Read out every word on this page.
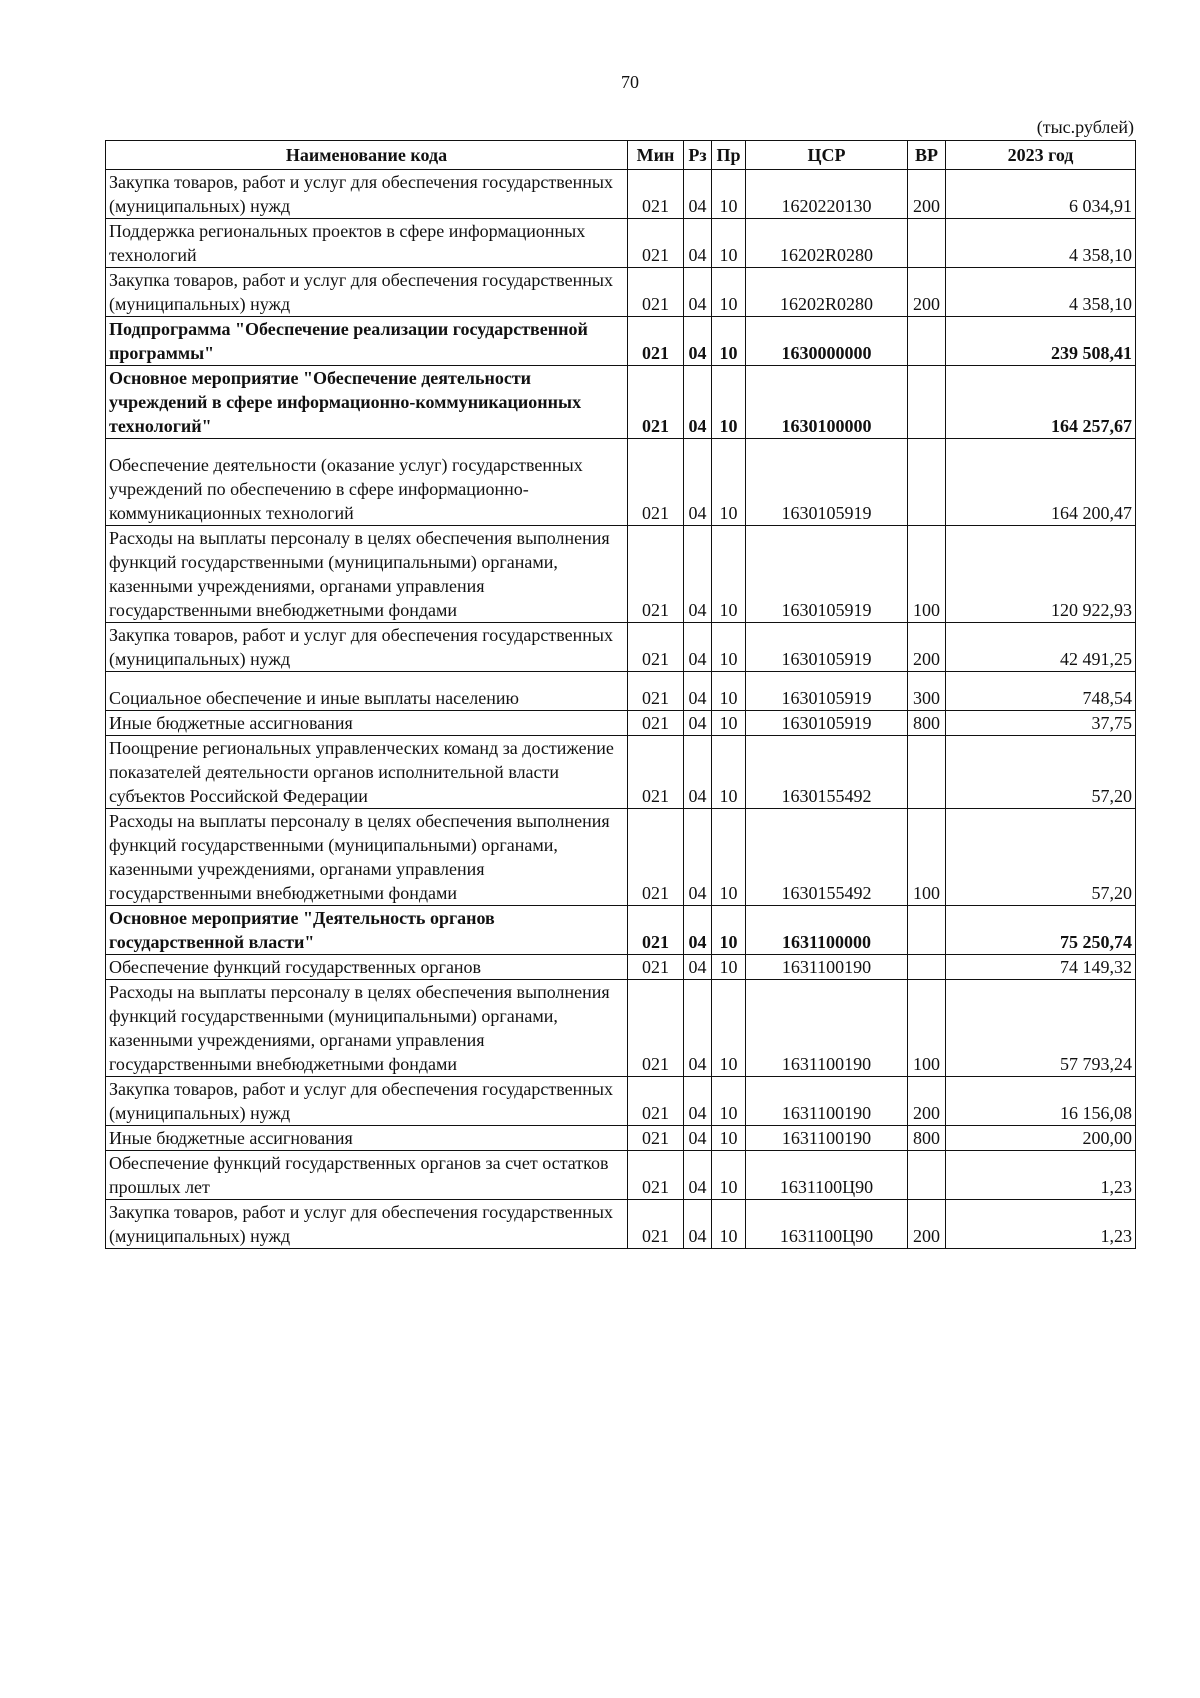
70
(тыс.рублей)
Наименование кода	Мин	Рз	Пр	ЦСР	ВР	2023 год
Закупка товаров, работ и услуг для обеспечения государственных (муниципальных) нужд	021	04	10	1620220130	200	6 034,91
Поддержка региональных проектов в сфере информационных технологий	021	04	10	16202R0280		4 358,10
Закупка товаров, работ и услуг для обеспечения государственных (муниципальных) нужд	021	04	10	16202R0280	200	4 358,10
Подпрограмма "Обеспечение реализации государственной программы"	021	04	10	1630000000		239 508,41
Основное мероприятие "Обеспечение деятельности учреждений в сфере информационно-коммуникационных технологий"	021	04	10	1630100000		164 257,67
Обеспечение деятельности (оказание услуг) государственных учреждений по обеспечению в сфере информационно-коммуникационных технологий	021	04	10	1630105919		164 200,47
Расходы на выплаты персоналу в целях обеспечения выполнения функций государственными (муниципальными) органами, казенными учреждениями, органами управления государственными внебюджетными фондами	021	04	10	1630105919	100	120 922,93
Закупка товаров, работ и услуг для обеспечения государственных (муниципальных) нужд	021	04	10	1630105919	200	42 491,25
Социальное обеспечение и иные выплаты населению	021	04	10	1630105919	300	748,54
Иные бюджетные ассигнования	021	04	10	1630105919	800	37,75
Поощрение региональных управленческих команд за достижение показателей деятельности органов исполнительной власти субъектов Российской Федерации	021	04	10	1630155492		57,20
Расходы на выплаты персоналу в целях обеспечения выполнения функций государственными (муниципальными) органами, казенными учреждениями, органами управления государственными внебюджетными фондами	021	04	10	1630155492	100	57,20
Основное мероприятие "Деятельность органов государственной власти"	021	04	10	1631100000		75 250,74
Обеспечение функций государственных органов	021	04	10	1631100190		74 149,32
Расходы на выплаты персоналу в целях обеспечения выполнения функций государственными (муниципальными) органами, казенными учреждениями, органами управления государственными внебюджетными фондами	021	04	10	1631100190	100	57 793,24
Закупка товаров, работ и услуг для обеспечения государственных (муниципальных) нужд	021	04	10	1631100190	200	16 156,08
Иные бюджетные ассигнования	021	04	10	1631100190	800	200,00
Обеспечение функций государственных органов за счет остатков прошлых лет	021	04	10	1631100Ц90		1,23
Закупка товаров, работ и услуг для обеспечения государственных (муниципальных) нужд	021	04	10	1631100Ц90	200	1,23
